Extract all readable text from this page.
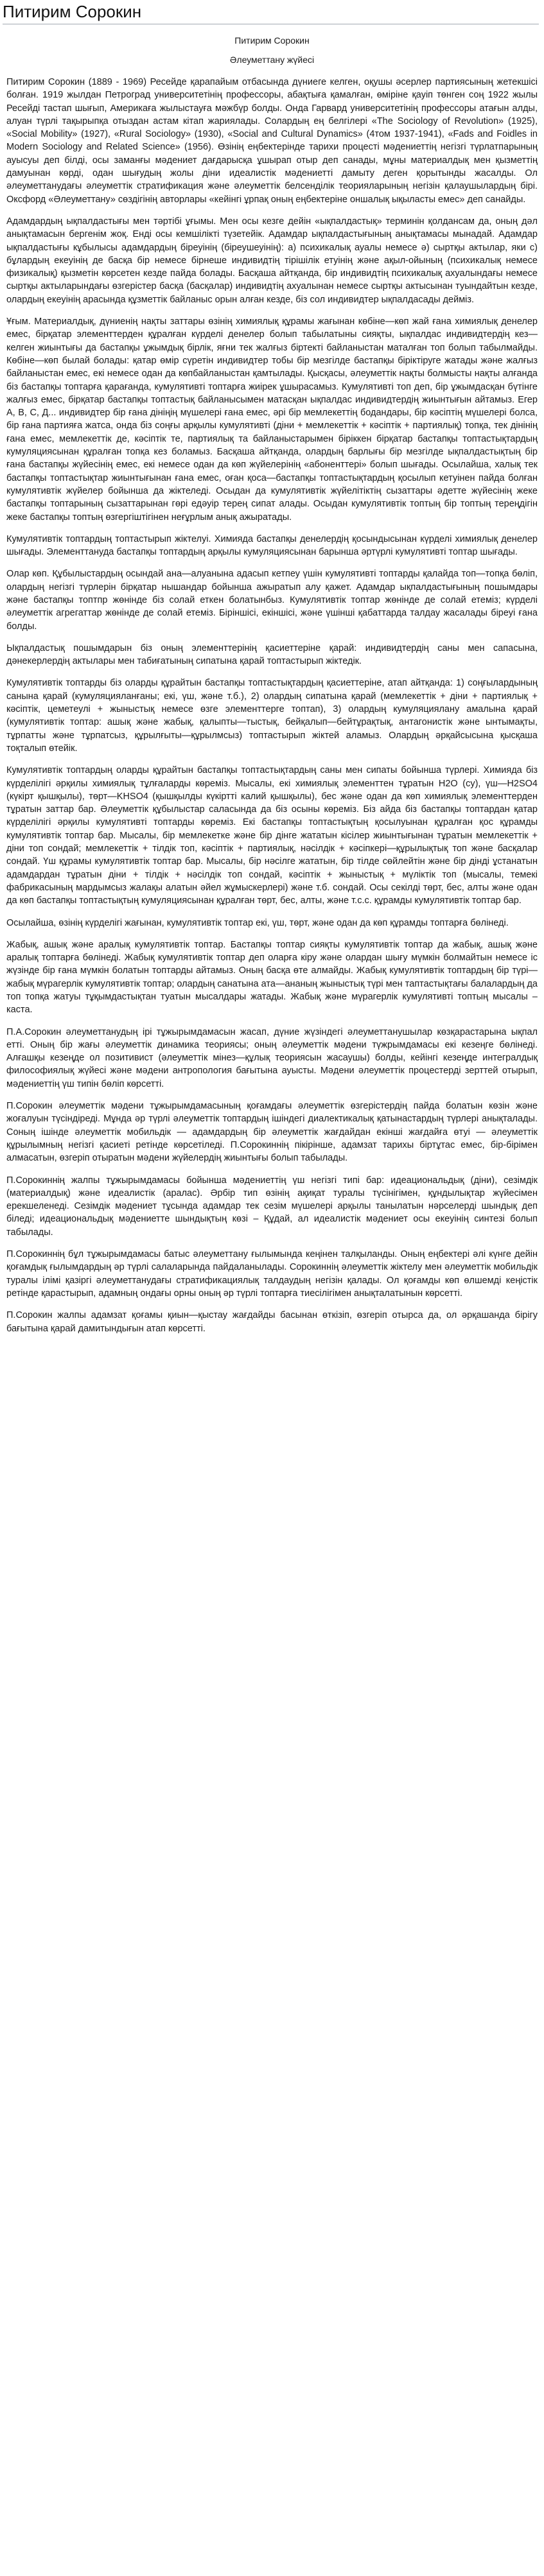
Питирим Сорокин
Питирим Сорокин
Әлеуметтану жүйесі

Питирим Сорокин (1889 - 1969) Ресейде қарапайым отбасында дүниеге келген, оқушы әсерлер партиясының жетекшісі болған. 1919 жылдан Петроград университетінің профессоры, абақтыға қамалған, өміріне қауіп төнген соң 1922 жылы Ресейді тастап шығып, Америкаға жылыстауға мәжбүр болды. Онда Гарвард университетінің профессоры атағын алды, алуан түрлі тақырыпқа отыздан астам кітап жариялады. Солардың ең белгілері «The Sociology of Revolution» (1925), «Social Mobility» (1927), «Rural Sociology» (1930), «Social and Cultural Dynamics» (4том 1937-1941), «Fads and Foidles in Modern Sociology and Related Science» (1956). Өзінің еңбектерінде тарихи процесті мәдениеттің негізгі түрлатпарының ауысуы деп білді, осы заманғы мәдениет дағдарысқа ұшырап отыр деп санады, мұны материалдық мен қызметтің дамуынан көрді, одан шығудың жолы діни идеалистік мәдениетті дамыту деген қорытынды жасалды. Ол әлеуметтанудағы әлеуметтік стратификация және әлеуметтік белсенділік теорияларының негізін қалаушылардың бірі. Оксфорд «Әлеуметтану» сөздігінің авторлары «кейінгі ұрпақ оның еңбектеріне оншалық ықыласты емес» деп санайды.

Адамдардың ықпалдастығы мен тәртібі ұғымы. Мен осы кезге дейін «ықпалдастық» терминін қолдансам да, оның дәл анықтамасын бергенім жоқ. Енді осы кемшілікті түзетейік. Адамдар ықпалдастығының анықтамасы мынадай. Адамдар ықпалдастығы кұбылысы адамдардың біреуінің (біреушеуінің): а) психикалық ауалы немесе ә) сыртқы актылар, яки с) бұлардың екеуінің де басқа бір немесе бірнеше индивидтің тірішілік етуінің және ақыл-ойының (психикалық немесе физикалық) қызметін көрсетен кезде пайда болады. Басқаша айтқанда, бір индивидтің психикалық ахуалындағы немесе сыртқы актыларындағы өзгерістер басқа (басқалар) индивидтің ахуалынан немесе сыртқы актысынан туындайтын кезде, олардың екеуінің арасында құзметтік байланыс орын алған кезде, біз сол индивидтер ықпалдасады дейміз.

Ұғым. Материалдық, дүниенің нақты заттары өзінің химиялық құрамы жағынан көбіне—көп жай ғана химиялық денелер емес, бірқатар элементтерден құралған күрделі денелер болып табылатыны сияқты, ықпалдас индивидтердің кез—келген жиынтығы да бастапқы ұжымдық бірлік, яғни тек жалғыз біртекті байланыстан маталған топ болып табылмайды. Көбіне—көп былай болады: қатар өмір сүретін индивидтер тобы бір мезгілде бастапқы біріктіруге жатады және жалғыз байланыстан емес, екі немесе одан да көпбайланыстан қамтылады. Қысқасы, әлеуметтік нақты болмысты нақты алғанда біз бастапқы топтарға қарағанда, кумулятивті топтарға жиірек ұшырасамыз. Кумулятивті топ деп, бір ұжымдасқан бүтінге жалғыз емес, бірқатар бастапқы топтастық байланысымен матасқан ықпалдас индивидтердің жиынтығын айтамыз. Егер А, В, С, Д... индивидтер бір ғана дініңің мүшелері ғана емес, әрі бір мемлекеттің бодандары, бір кәсіптің мүшелері болса, бір ғана партияға жатса, онда біз соңғы арқылы кумулятивті (діни + мемлекеттік + кәсіптік + партиялық) топқа, тек дінінің ғана емес, мемлекеттік де, кәсіптік те, партиялық та байланыстарымен біріккен бірқатар бастапқы топтастықтардың кумуляциясынан құралған топқа кез боламыз. Басқаша айтқанда, олардың барлығы бір мезгілде ықпалдастықтың бір ғана бастапқы жүйесінің емес, екі немесе одан да көп жүйелерінің «абоненттері» болып шығады. Осылайша, халық тек бастапқы топтастықтар жиынтығынан ғана емес, оған қоса—бастапқы топтастықтардың қосылып кетуінен пайда болған кумулятивтік жүйелер бойынша да жіктеледі. Осыдан да кумулятивтік жүйелітіктің сызаттары әдетте жүйесінің жеке бастапқы топтарының сызаттарынан гөрі едәуір терең сипат алады. Осыдан кумулятивтік топтың бір топтың тереңдігін жеке бастапқы топтың өзгергіштігінен неғұрлым анық ажыратады.

Кумулятивтік топтардың топтастырып жіктелуі. Химияда бастапқы денелердің қосындысынан күрделі химиялық денелер шығады. Элементтануда бастапқы топтардың арқылы кумуляциясынан барынша әртүрлі кумулятивті топтар шығады.

Олар көп. Құбылыстардың осындай ана—алуанына адасып кетпеу үшін кумулятивті топтарды қалайда топ—топқа бөліп, олардың негізгі түрлерін бірқатар нышандар бойынша ажыратып алу қажет. Адамдар ықпалдастығының пошымдары және бастапқы топтпр жөнінде біз солай еткен болатынбыз. Кумулятивтік топтар жөнінде де солай етеміз; күрделі әлеуметтік агрегаттар жөнінде де солай етеміз. Біріншісі, екіншісі, және үшінші қабаттарда талдау жасалады біреуі ғана болды.

Ықпалдастық пошымдарын біз оның элементтерінің қасиеттеріне қарай: индивидтердің саны мен сапасына, дәнекерлердің актылары мен табиғатының сипатына қарай топтастырып жіктедік.

Кумулятивтік топтарды біз оларды құрайтын бастапқы топтастықтардың қасиеттеріне, атап айтқанда: 1) соңғылардының санына қарай (кумуляцияланғаны; екі, үш, және т.б.), 2) олардың сипатына қарай (мемлекеттік + діни + партиялық + кәсіптік, цеметеулі + жыныстық немесе өзге элементтерге топтап), 3) олардың кумуляциялану амалына қарай (кумулятивтік топтар: ашық және жабық, қалыпты—тыстық, бейқалып—бейтұрақтық, антагонистік және ынтымақты, тұрпатты және тұрпатсыз, құрылғыты—құрылмсыз) топтастырып жіктей аламыз. Олардың әрқайсысына қысқаша тоқталып өтейік.

Кумулятивтік топтардың оларды құрайтын бастапқы топтастықтардың саны мен сипаты бойынша түрлері. Химияда біз күрделілігі әрқилы химиялық тұлғаларды көреміз. Мысалы, екі химиялық элементтен тұратын H2O (су), үш—H2SO4 (күкірт қышқылы), төрт—KHSO4 (қышқылды күкіртті калий қышқылы), бес және одан да көп химиялық элементтерден тұратын заттар бар. Әлеуметтік құбылыстар саласында да біз осыны көреміз. Біз айда біз бастапқы топтардан қатар күрделілігі әрқилы кумулятивті топтарды көреміз. Екі бастапқы топтастықтың қосылуынан құралған қос құрамды кумулятивтік топтар бар. Мысалы, бір мемлекетке және бір дінге жататын кісілер жиынтығынан тұратын мемлекеттік + діни топ сондай; мемлекеттік + тілдік топ, кәсіптік + партиялық, нәсілдік + кәсіпкері—құрылықтық топ және басқалар сондай. Үш құрамы кумулятивтік топтар бар. Мысалы, бір нәсілге жататын, бір тілде сөйлейтін және бір дінді ұстанатын адамдардан тұратын діни + тілдік + нәсілдік топ сондай, кәсіптік + жыныстық + мүліктік топ (мысалы, темекі фабрикасының мардымсыз жалақы алатын әйел жұмыскерлері) және т.б. сондай. Осы секілді төрт, бес, алты және одан да көп бастапқы топтастықтың кумуляциясынан құралған төрт, бес, алты, және т.с.с. құрамды кумулятивтік топтар бар.

Осылайша, өзінің күрделігі жағынан, кумулятивтік топтар екі, үш, төрт, және одан да көп құрамды топтарға бөлінеді.

Жабық, ашық және аралық кумулятивтік топтар. Бастапқы топтар сияқты кумулятивтік топтар да жабық, ашық және аралық топтарға бөлінеді. Жабық кумулятивтік топтар деп оларға кіру және олардан шығу мүмкін болмайтын немесе іс жүзінде бір ғана мүмкін болатын топтарды айтамыз. Оның басқа өте алмайды. Жабық кумулятивтік топтардың бір түрі—жабық мүрагерлік кумулятивтік топтар; олардың санатына ата—ананың жыныстық түрі мен таптастықтағы балалардың да топ топқа жатуы тұқымдастықтан туатын мысалдары жатады. Жабық және мүрагерлік кумулятивті топтың мысалы – каста.

П.А.Сорокин әлеуметтанудың ірі тұжырымдамасын жасап, дүние жүзіндегі әлеуметтанушылар көзқарастарына ықпал етті. Оның бір жағы әлеуметтік динамика теориясы; оның әлеуметтік мәдени түжрымдамасы екі кезеңге бөлінеді. Алғашқы кезеңде ол позитивист (әлеуметтік мінез—құлық теориясын жасаушы) болды, кейінгі кезеңде интегралдық философиялық жүйесі және мәдени антропология бағытына ауысты. Мәдени әлеуметтік процестерді зерттей отырып, мәдениеттің үш типін бөліп көрсетті.

П.Сорокин әлеуметтік мәдени тұжырымдамасының қоғамдағы әлеуметтік өзгерістердің пайда болатын көзін және жоғалуын түсіндіреді. Мұнда әр түрлі әлеуметтік топтардың ішіндегі диалектикалық қатынастардың түрлері анықталады. Соның ішінде әлеуметтік мобильдік — адамдардың бір әлеуметтік жағдайдан екінші жағдайға өтуі — әлеуметтік құрылымның негізгі қасиеті ретінде көрсетіледі. П.Сорокиннің пікірінше, адамзат тарихы біртұтас емес, бір-бірімен алмасатын, өзгеріп отыратын мәдени жүйелердің жиынтығы болып табылады.

П.Сорокиннің жалпы тұжырымдамасы бойынша мәдениеттің үш негізгі типі бар: идеациональдық (діни), сезімдік (материалдық) және идеалистік (аралас). Әрбір тип өзінің ақиқат туралы түсінігімен, құндылықтар жүйесімен ерекшеленеді. Сезімдік мәдениет тұсында адамдар тек сезім мүшелері арқылы танылатын нәрселерді шындық деп біледі; идеациональдық мәдениетте шындықтың көзі – Құдай, ал идеалистік мәдениет осы екеуінің синтезі болып табылады.

П.Сорокиннің бұл тұжырымдамасы батыс әлеуметтану ғылымында кеңінен талқыланды. Оның еңбектері әлі күнге дейін қоғамдық ғылымдардың әр түрлі салаларында пайдаланылады. Сорокиннің әлеуметтік жіктелу мен әлеуметтік мобильдік туралы ілімі қазіргі әлеуметтанудағы стратификациялық талдаудың негізін қалады. Ол қоғамды көп өлшемді кеңістік ретінде қарастырып, адамның ондағы орны оның әр түрлі топтарға тиесілігімен анықталатынын көрсетті.

П.Сорокин жалпы адамзат қоғамы қиын—қыстау жағдайды басынан өткізіп, өзгеріп отырса да, ол әрқашанда бірігу бағытына қарай дамитындығын атап көрсетті.
